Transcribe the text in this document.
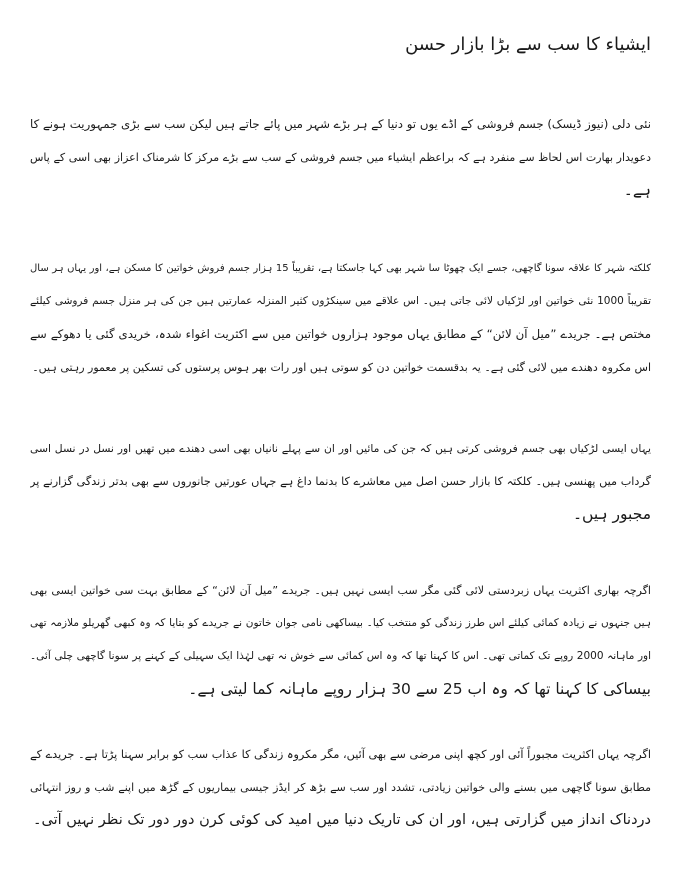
ایشیاء کا سب سے بڑا بازار حسن
نئی دلی (نیوز ڈیسک) جسم فروشی کے اڈے یوں تو دنیا کے ہر بڑے شہر میں پائے جاتے ہیں لیکن سب سے بڑی جمہوریت ہونے کا
دعویدار بھارت اس لحاظ سے منفرد ہے کہ براعظم ایشیاء میں جسم فروشی کے سب سے بڑے مرکز کا شرمناک اعزاز بھی اسی کے پاس
ہے۔
کلکتہ شہر کا علاقہ سونا گاچھی، جسے ایک چھوٹا سا شہر بھی کہا جاسکتا ہے، تقریباً 15 ہزار جسم فروش خواتین کا مسکن ہے، اور یہاں ہر سال
تقریباً 1000 نئی خواتین اور لڑکیاں لائی جاتی ہیں۔ اس علاقے میں سینکڑوں کثیر المنزلہ عمارتیں ہیں جن کی ہر منزل جسم فروشی کیلئے
مختص ہے۔ جریدے ”میل آن لائن“ کے مطابق یہاں موجود ہزاروں خواتین میں سے اکثریت اغواء شدہ، خریدی گئی یا دھوکے سے
اس مکروہ دھندے میں لائی گئی ہے۔ یہ بدقسمت خواتین دن کو سوتی ہیں اور رات بھر ہوس پرستوں کی تسکین پر معمور رہتی ہیں۔
یہاں ایسی لڑکیاں بھی جسم فروشی کرتی ہیں کہ جن کی مائیں اور ان سے پہلے نانیاں بھی اسی دھندے میں تھیں اور نسل در نسل اسی
گرداب میں پھنسی ہیں۔ کلکتہ کا بازار حسن اصل میں معاشرے کا بدنما داغ ہے جہاں عورتیں جانوروں سے بھی بدتر زندگی گزارنے پر
مجبور ہیں۔
اگرچہ بھاری اکثریت یہاں زبردستی لائی گئی مگر سب ایسی نہیں ہیں۔ جریدے ”میل آن لائن“ کے مطابق بہت سی خواتین ایسی بھی
ہیں جنہوں نے زیادہ کمائی کیلئے اس طرز زندگی کو منتخب کیا۔ بیساکھی نامی جوان خاتون نے جریدے کو بتایا کہ وہ کبھی گھریلو ملازمہ تھی
اور ماہانہ 2000 روپے تک کماتی تھی۔ اس کا کہنا تھا کہ وہ اس کمائی سے خوش نہ تھی لہٰذا ایک سہیلی کے کہنے پر سونا گاچھی چلی آئی۔
بیساکی کا کہنا تھا کہ وہ اب 25 سے 30 ہزار روپے ماہانہ کما لیتی ہے۔
اگرچہ یہاں اکثریت مجبوراً آئی اور کچھ اپنی مرضی سے بھی آئیں، مگر مکروہ زندگی کا عذاب سب کو برابر سہنا پڑتا ہے۔ جریدے کے
مطابق سونا گاچھی میں بسنے والی خواتین زیادتی، تشدد اور سب سے بڑھ کر ایڈز جیسی بیماریوں کے گڑھ میں اپنے شب و روز انتہائی
دردناک انداز میں گزارتی ہیں، اور ان کی تاریک دنیا میں امید کی کوئی کرن دور دور تک نظر نہیں آتی۔
